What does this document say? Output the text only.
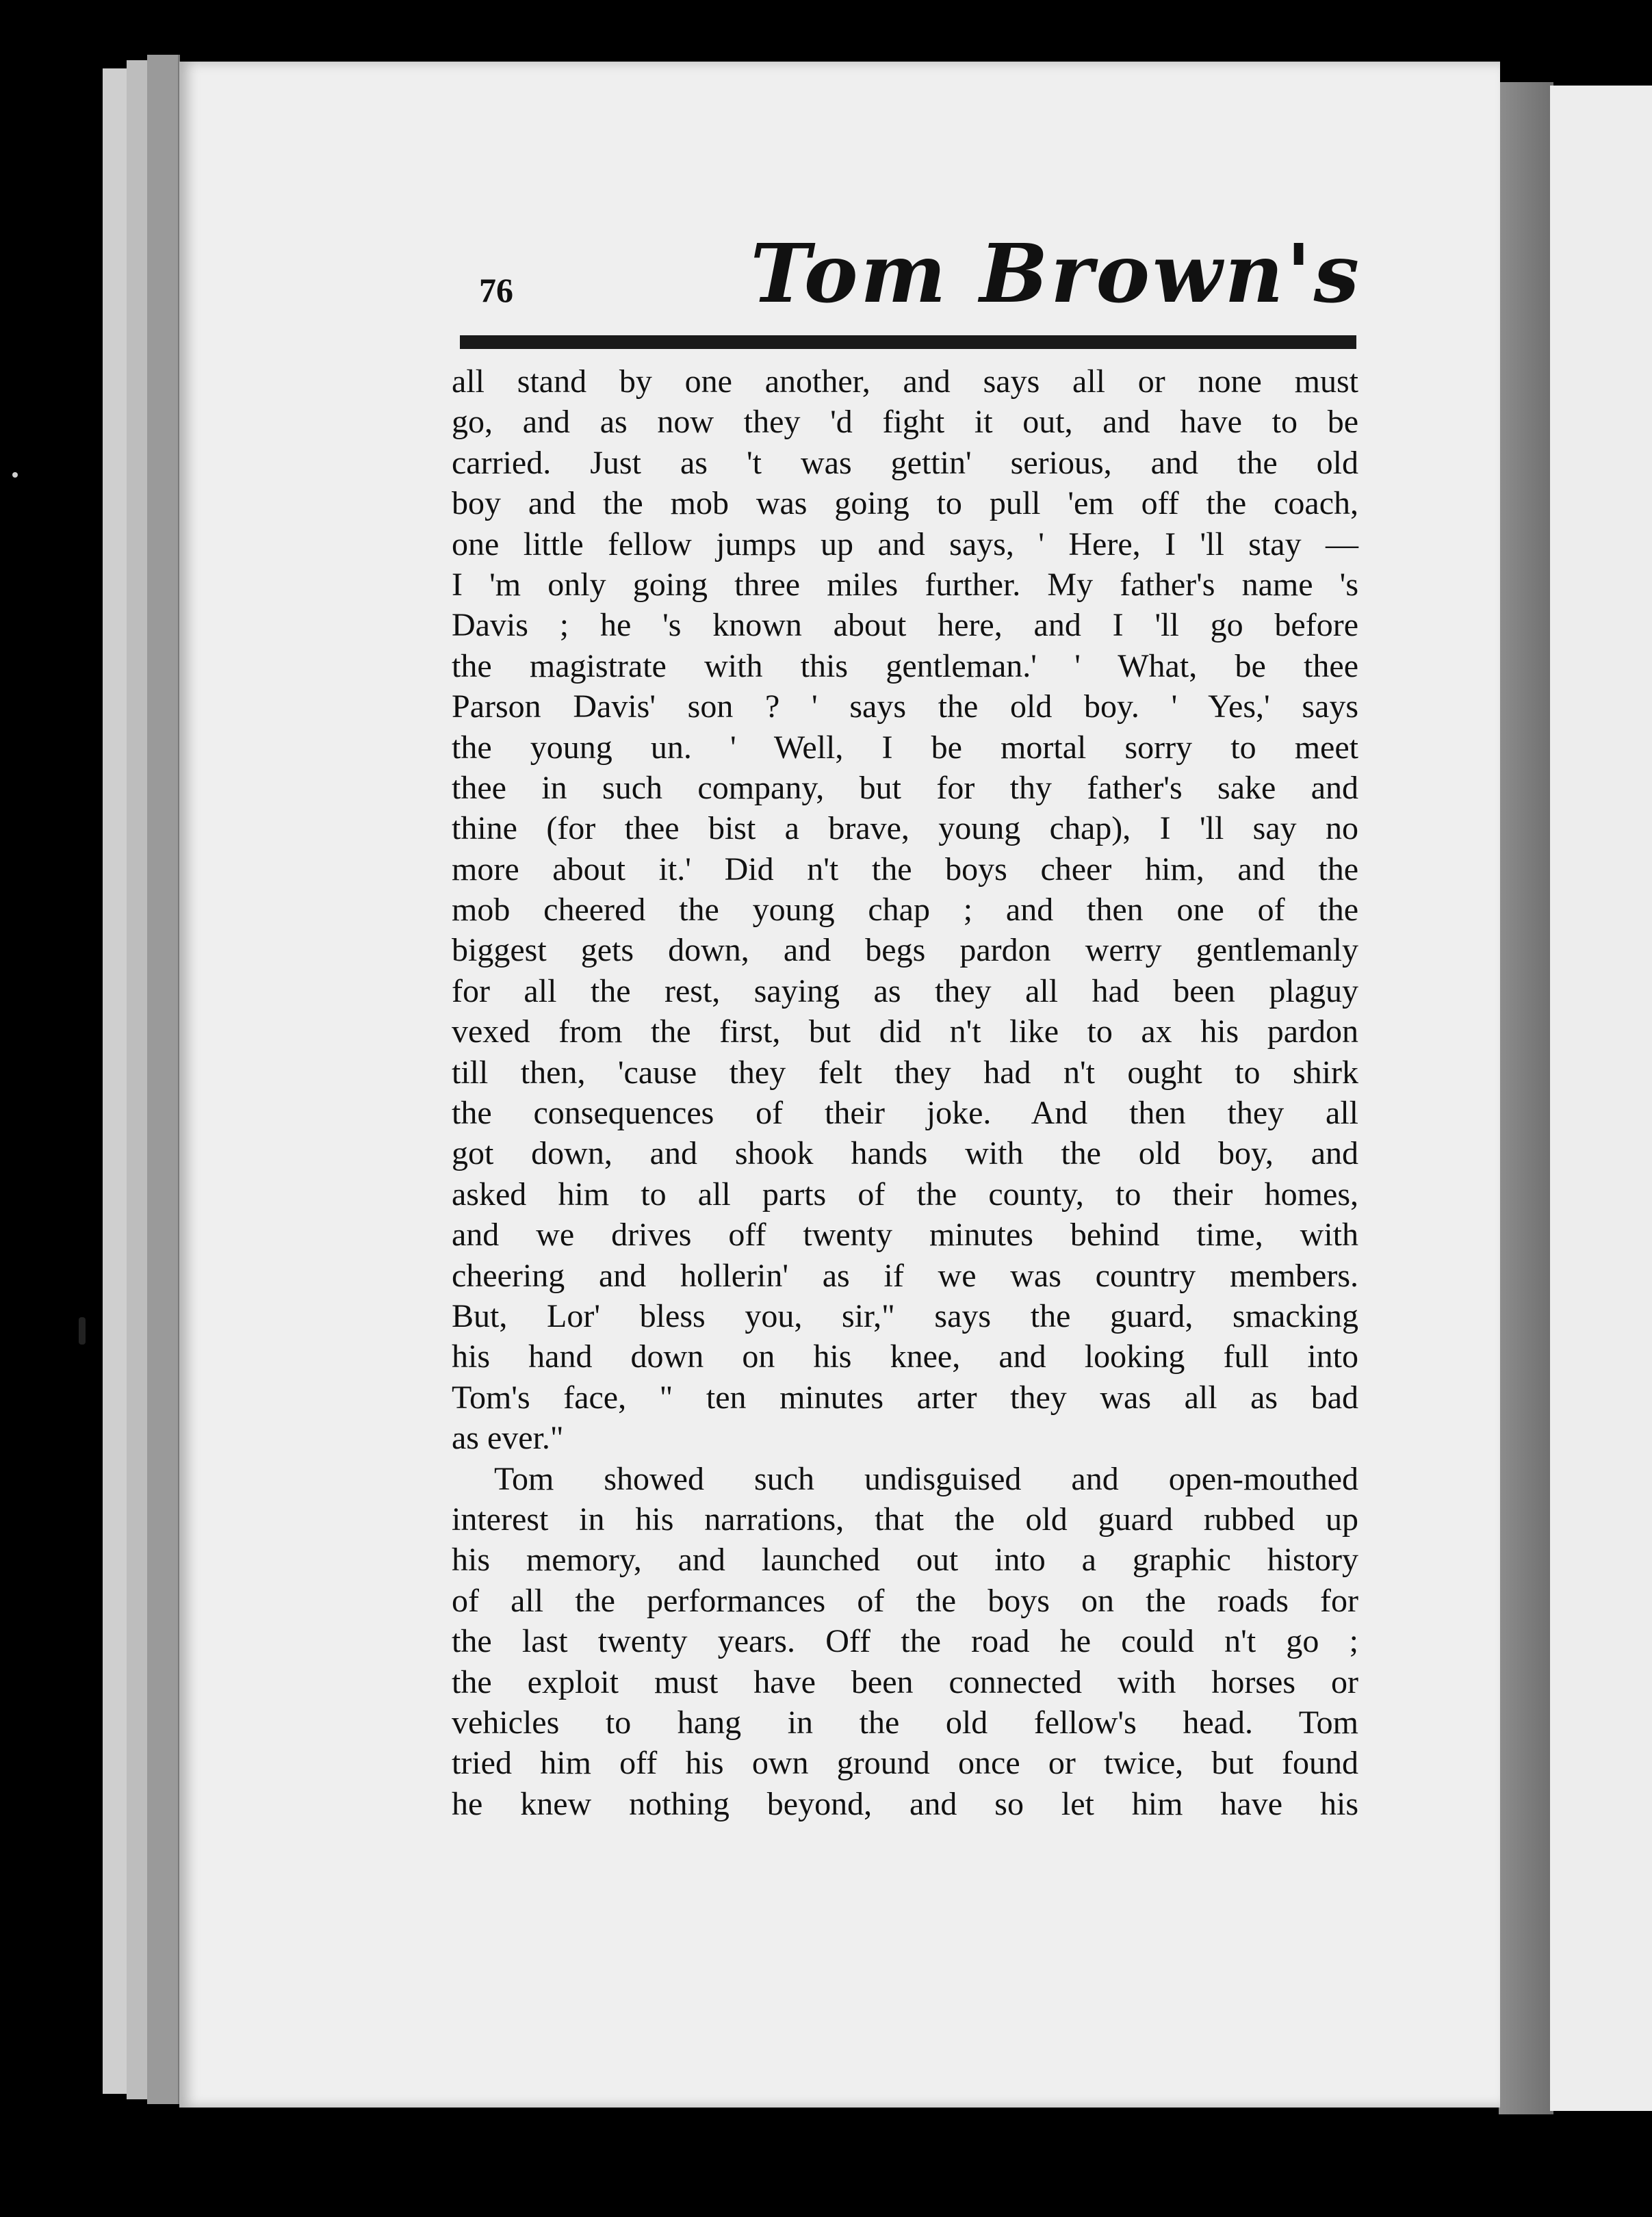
76	Tom Brown's
all stand by one another, and says all or none must
go, and as now they 'd fight it out, and have to be
carried. Just as 't was gettin' serious, and the old
boy and the mob was going to pull 'em off the coach,
one little fellow jumps up and says, ' Here, I 'll stay —
I 'm only going three miles further. My father's name 's
Davis ; he 's known about here, and I 'll go before
the magistrate with this gentleman.' ' What, be thee
Parson Davis' son ? ' says the old boy. ' Yes,' says
the young un. ' Well, I be mortal sorry to meet
thee in such company, but for thy father's sake and
thine (for thee bist a brave, young chap), I 'll say no
more about it.' Did n't the boys cheer him, and the
mob cheered the young chap ; and then one of the
biggest gets down, and begs pardon werry gentlemanly
for all the rest, saying as they all had been plaguy
vexed from the first, but did n't like to ax his pardon
till then, 'cause they felt they had n't ought to shirk
the consequences of their joke. And then they all
got down, and shook hands with the old boy, and
asked him to all parts of the county, to their homes,
and we drives off twenty minutes behind time, with
cheering and hollerin' as if we was country members.
But, Lor' bless you, sir," says the guard, smacking
his hand down on his knee, and looking full into
Tom's face, " ten minutes arter they was all as bad
as ever."
Tom showed such undisguised and open-mouthed
interest in his narrations, that the old guard rubbed up
his memory, and launched out into a graphic history
of all the performances of the boys on the roads for
the last twenty years. Off the road he could n't go ;
the exploit must have been connected with horses or
vehicles to hang in the old fellow's head. Tom
tried him off his own ground once or twice, but found
he knew nothing beyond, and so let him have his
